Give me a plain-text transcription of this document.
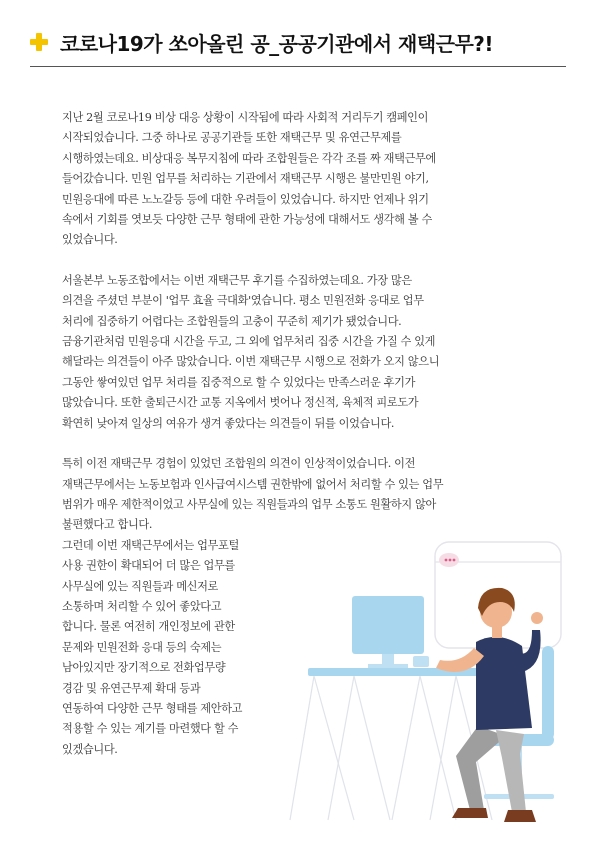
코로나19가 쏘아올린 공_공공기관에서 재택근무?!

지난 2월 코로나19 비상 대응 상황이 시작됨에 따라 사회적 거리두기 캠페인이
시작되었습니다. 그중 하나로 공공기관들 또한 재택근무 및 유연근무제를
시행하였는데요. 비상대응 복무지침에 따라 조합원들은 각각 조를 짜 재택근무에
들어갔습니다. 민원 업무를 처리하는 기관에서 재택근무 시행은 불만민원 야기,
민원응대에 따른 노노갈등 등에 대한 우려들이 있었습니다. 하지만 언제나 위기
속에서 기회를 엿보듯 다양한 근무 형태에 관한 가능성에 대해서도 생각해 볼 수
있었습니다.

서울본부 노동조합에서는 이번 재택근무 후기를 수집하였는데요. 가장 많은
의견을 주셨던 부분이 '업무 효율 극대화'였습니다. 평소 민원전화 응대로 업무
처리에 집중하기 어렵다는 조합원들의 고충이 꾸준히 제기가 됐었습니다.
금융기관처럼 민원응대 시간을 두고, 그 외에 업무처리 집중 시간을 가질 수 있게
해달라는 의견들이 아주 많았습니다. 이번 재택근무 시행으로 전화가 오지 않으니
그동안 쌓여있던 업무 처리를 집중적으로 할 수 있었다는 만족스러운 후기가
많았습니다. 또한 출퇴근시간 교통 지옥에서 벗어나 정신적, 육체적 피로도가
확연히 낮아져 일상의 여유가 생겨 좋았다는 의견들이 뒤를 이었습니다.

특히 이전 재택근무 경험이 있었던 조합원의 의견이 인상적이었습니다. 이전
재택근무에서는 노동보험과 인사급여시스템 권한밖에 없어서 처리할 수 있는 업무
범위가 매우 제한적이었고 사무실에 있는 직원들과의 업무 소통도 원활하지 않아
불편했다고 합니다.
그런데 이번 재택근무에서는 업무포털
사용 권한이 확대되어 더 많은 업무를
사무실에 있는 직원들과 메신저로
소통하며 처리할 수 있어 좋았다고
합니다. 물론 여전히 개인정보에 관한
문제와 민원전화 응대 등의 숙제는
남아있지만 장기적으로 전화업무량
경감 및 유연근무제 확대 등과
연동하여 다양한 근무 형태를 제안하고
적용할 수 있는 계기를 마련했다 할 수
있겠습니다.
